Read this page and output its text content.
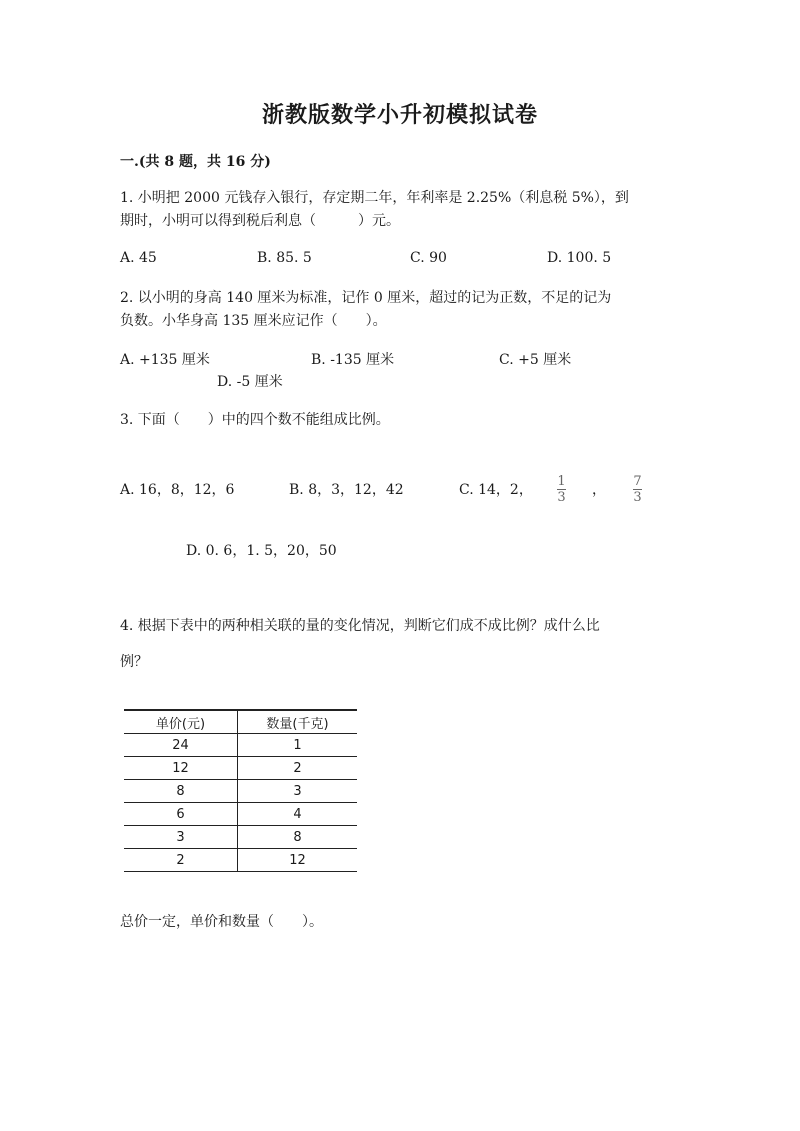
浙教版数学小升初模拟试卷
一.(共 8 题，共 16 分)
1. 小明把 2000 元钱存入银行，存定期二年，年利率是 2.25%（利息税 5%），到
期时，小明可以得到税后利息（　　　）元。
A. 45	B. 85. 5	C. 90	D. 100. 5
2. 以小明的身高 140 厘米为标准，记作 0 厘米，超过的记为正数，不足的记为
负数。小华身高 135 厘米应记作（　　）。
A. +135 厘米	B. -135 厘米	C. +5 厘米
D. -5 厘米
3. 下面（　　）中的四个数不能组成比例。
A. 16，8，12，6	B. 8，3，12，42	C. 14，2，
1
3 ，
7
3
D. 0. 6，1. 5，20，50
4. 根据下表中的两种相关联的量的变化情况，判断它们成不成比例？成什么比
例？
单价(元)	数量(千克)
24	1
12	2
8	3
6	4
3	8
2	12
总价一定，单价和数量（　　）。
